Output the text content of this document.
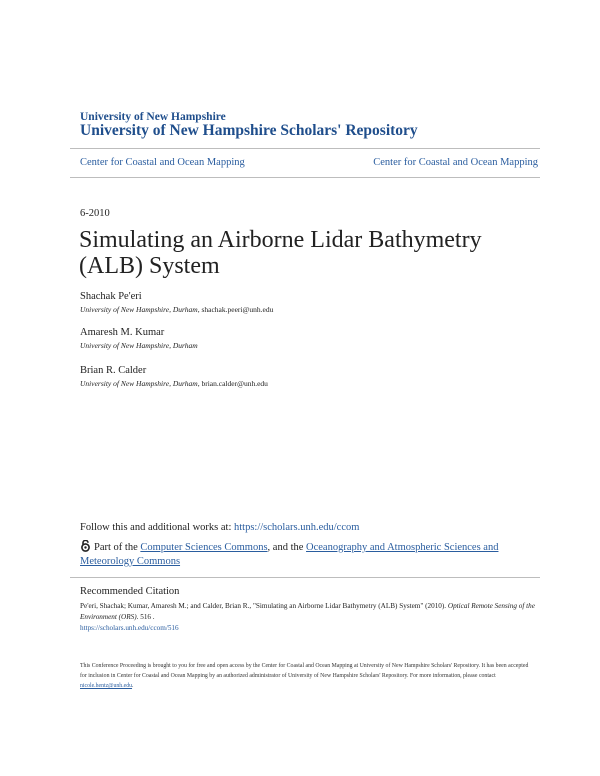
University of New Hampshire
University of New Hampshire Scholars' Repository
Center for Coastal and Ocean Mapping	Center for Coastal and Ocean Mapping
6-2010
Simulating an Airborne Lidar Bathymetry (ALB) System
Shachak Pe'eri
University of New Hampshire, Durham, shachak.peeri@unh.edu
Amaresh M. Kumar
University of New Hampshire, Durham
Brian R. Calder
University of New Hampshire, Durham, brian.calder@unh.edu
Follow this and additional works at: https://scholars.unh.edu/ccom
Part of the Computer Sciences Commons, and the Oceanography and Atmospheric Sciences and Meteorology Commons
Recommended Citation
Pe'eri, Shachak; Kumar, Amaresh M.; and Calder, Brian R., "Simulating an Airborne Lidar Bathymetry (ALB) System" (2010). Optical Remote Sensing of the Environment (ORS). 516 .
https://scholars.unh.edu/ccom/516
This Conference Proceeding is brought to you for free and open access by the Center for Coastal and Ocean Mapping at University of New Hampshire Scholars' Repository. It has been accepted for inclusion in Center for Coastal and Ocean Mapping by an authorized administrator of University of New Hampshire Scholars' Repository. For more information, please contact nicole.hentz@unh.edu.
